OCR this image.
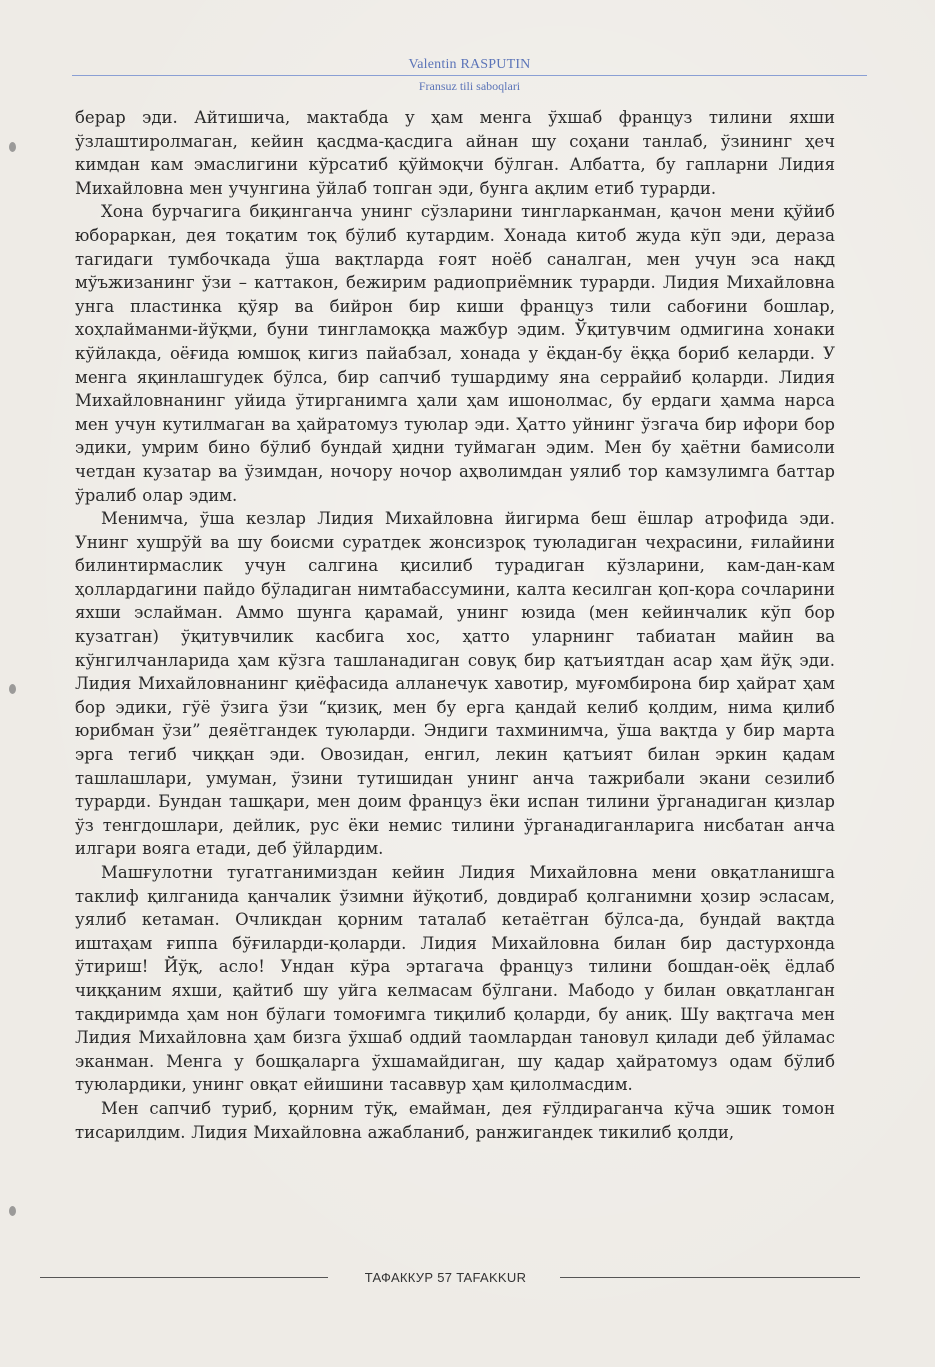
Valentin RASPUTIN
Fransuz tili saboqlari

берар эди. Айтишича, мактабда у ҳам менга ўхшаб француз тилини яхши ўзлаштиролмаган, кейин қасдма-қасдига айнан шу соҳани танлаб, ўзининг ҳеч кимдан кам эмаслигини кўрсатиб қўймоқчи бўлган. Албатта, бу гапларни Лидия Михайловна мен учунгина ўйлаб топган эди, бунга ақлим етиб турарди.

Хона бурчагига биқинганча унинг сўзларини тингларканман, қачон мени қўйиб юбораркан, дея тоқатим тоқ бўлиб кутардим. Хонада китоб жуда кўп эди, дераза тагидаги тумбочкада ўша вақтларда ғоят ноёб саналган, мен учун эса нақд мўъжизанинг ўзи – каттакон, бежирим радиоприёмник турарди. Лидия Михайловна унга пластинка қўяр ва бийрон бир киши француз тили сабоғини бошлар, хоҳлайманми-йўқми, буни тингламоққа мажбур эдим. Ўқитувчим одмигина хонаки кўйлакда, оёғида юмшоқ кигиз пайабзал, хонада у ёқдан-бу ёққа бориб келарди. У менга яқинлашгудек бўлса, бир сапчиб тушардиму яна серрайиб қоларди. Лидия Михайловнанинг уйида ўтирганимга ҳали ҳам ишонолмас, бу ердаги ҳамма нарса мен учун кутилмаган ва ҳайратомуз туюлар эди. Ҳатто уйнинг ўзгача бир ифори бор эдики, умрим бино бўлиб бундай ҳидни туймаган эдим. Мен бу ҳаётни бамисоли четдан кузатар ва ўзимдан, ночору ночор аҳволимдан уялиб тор камзулимга баттар ўралиб олар эдим.

Менимча, ўша кезлар Лидия Михайловна йигирма беш ёшлар атрофида эди. Унинг хушрўй ва шу боисми суратдек жонсизроқ туюладиган чеҳрасини, ғилайини билинтирмаслик учун салгина қисилиб турадиган кўзларини, кам-дан-кам ҳоллардагини пайдо бўладиган нимтабассумини, калта кесилган қоп-қора сочларини яхши эслайман. Аммо шунга қарамай, унинг юзида (мен кейинчалик кўп бор кузатган) ўқитувчилик касбига хос, ҳатто уларнинг табиатан майин ва кўнгилчанларида ҳам кўзга ташланадиган совуқ бир қатъиятдан асар ҳам йўқ эди. Лидия Михайловнанинг қиёфасида алланечук хавотир, муғомбирона бир ҳайрат ҳам бор эдики, гўё ўзига ўзи “қизиқ, мен бу ерга қандай келиб қолдим, нима қилиб юрибман ўзи” деяётгандек туюларди. Эндиги тахминимча, ўша вақтда у бир марта эрга тегиб чиққан эди. Овозидан, енгил, лекин қатъият билан эркин қадам ташлашлари, умуман, ўзини тутишидан унинг анча тажрибали экани сезилиб турарди. Бундан ташқари, мен доим француз ёки испан тилини ўрганадиган қизлар ўз тенгдошлари, дейлик, рус ёки немис тилини ўрганадиганларига нисбатан анча илгари вояга етади, деб ўйлардим.

Машғулотни тугатганимиздан кейин Лидия Михайловна мени овқатланишга таклиф қилганида қанчалик ўзимни йўқотиб, довдираб қолганимни ҳозир эсласам, уялиб кетаман. Очликдан қорним таталаб кетаётган бўлса-да, бундай вақтда иштаҳам ғиппа бўғиларди-қоларди. Лидия Михайловна билан бир дастурхонда ўтириш! Йўқ, асло! Ундан кўра эртагача француз тилини бошдан-оёқ ёдлаб чиққаним яхши, қайтиб шу уйга келмасам бўлгани. Мабодо у билан овқатланган тақдиримда ҳам нон бўлаги томоғимга тиқилиб қоларди, бу аниқ. Шу вақтгача мен Лидия Михайловна ҳам бизга ўхшаб оддий таомлардан тановул қилади деб ўйламас эканман. Менга у бошқаларга ўхшамайдиган, шу қадар ҳайратомуз одам бўлиб туюлардики, унинг овқат ейишини тасаввур ҳам қилолмасдим.

Мен сапчиб туриб, қорним тўқ, емайман, дея ғўлдираганча кўча эшик томон тисарилдим. Лидия Михайловна ажабланиб, ранжигандек тикилиб қолди,

ТАФАККУР 57 TAFAKKUR
